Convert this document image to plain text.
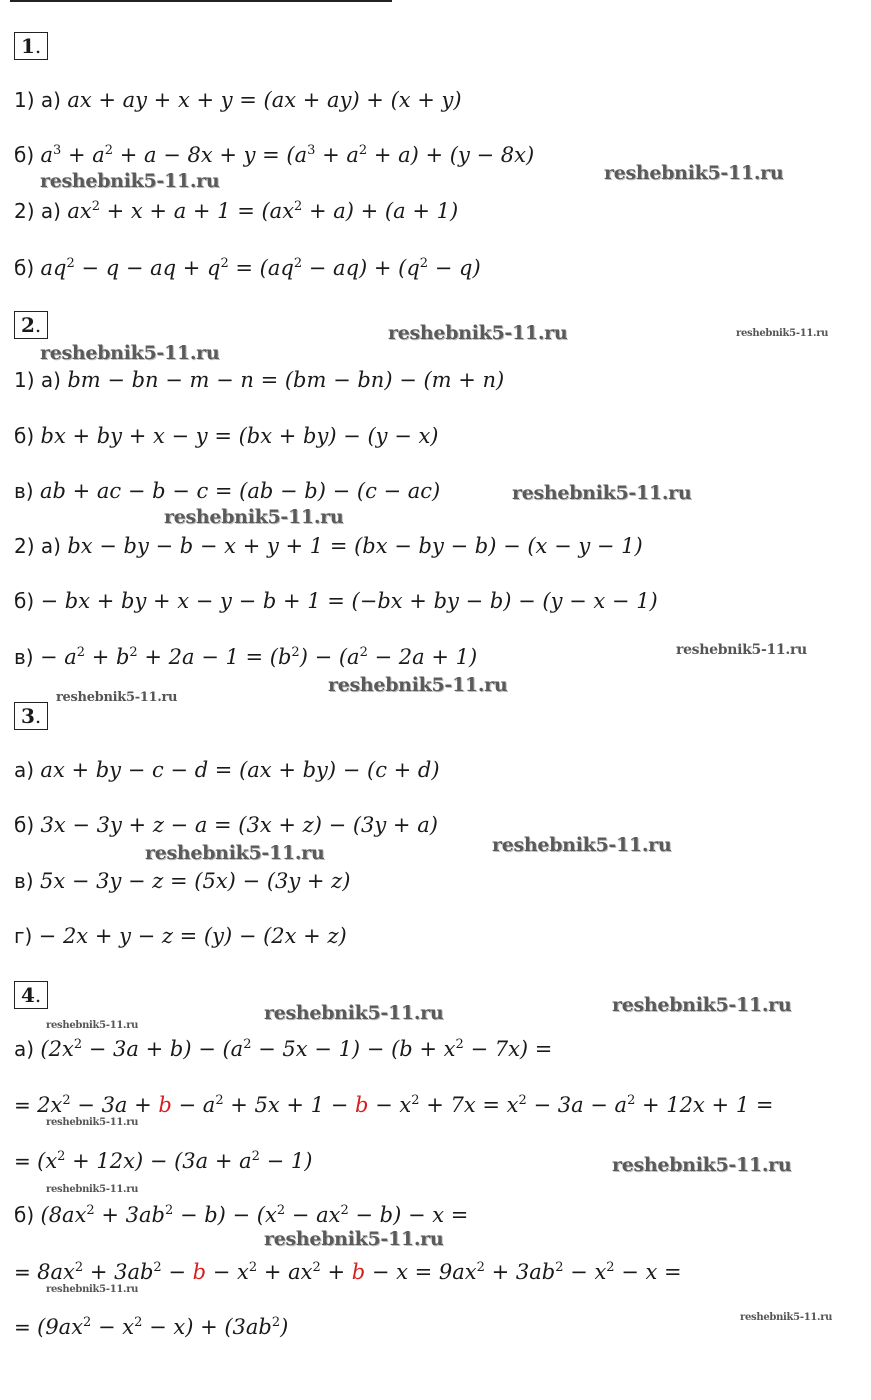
1.
1) а) ax + ay + x + y = (ax + ay) + (x + y)
б) $a^3 + a^2 + a - 8x + y = (a^3 + a^2 + a) + (y - 8x)$
2) а) $ax^2 + x + a + 1 = (ax^2 + a) + (a + 1)$
б) $aq^2 - q$ − aq + $q^2 = (aq^2 - aq) + (q^2 - q)$
2.
1) а) bm − bn − m − n = (bm − bn) − (m + n)
б) bx + by + x − y = (bx + by) − (y − x)
в) ab + ac − b − c = (ab − b) − (c − ac)
2) а) bx − by − b − x + y + 1 = (bx − by − b) − (x − y − 1)
б) − bx + by + x − y − b + 1 = (−bx + by − b) − (y − x − 1)
$в) - a^2 + b^2 + 2a - 1 = (b^2) - (a^2 - 2a + 1)$
3.
а) ax + by − c − d = (ax + by) − (c + d)
б) 3x − 3y + z − a = (3x + z) − (3y + a)
в) 5x − 3y − z = (5x) − (3y + z)
г) − 2x + y − z = (y) − (2x + z)
4.
а) $(2x^2 - 3a + b) - (a^2 - 5x - 1) - (b + x^2 - 7x)$ =
= $2x^2 - 3a + b - a^2 + 5x + 1 - b - x^2 + 7x = x^2 - 3a - a^2 + 12x + 1$ =
= $(x^2 + 12x) - (3a + a^2 - 1)$
б) $(8ax^2 + 3ab^2 - b) - (x^2 - ax^2 - b) - x$ =
= $8ax^2 + 3ab^2 - b - x^2 + ax^2 + b - x = 9ax^2 + 3ab^2 - x^2 - x$ =
= $(9ax^2 - x^2 - x) + (3ab^2)$
reshebnik5-11.ru	reshebnik5-11.ru
reshebnik5-11.ru	reshebnik5-11.ru
reshebnik5-11.ru
reshebnik5-11.ru
reshebnik5-11.ru
reshebnik5-11.ru
reshebnik5-11.ru
reshebnik5-11.ru
reshebnik5-11.ru
reshebnik5-11.ru
reshebnik5-11.ru
reshebnik5-11.ru
reshebnik5-11.ru
reshebnik5-11.ru
reshebnik5-11.ru
reshebnik5-11.ru
reshebnik5-11.ru
reshebnik5-11.ru
reshebnik5-11.ru
